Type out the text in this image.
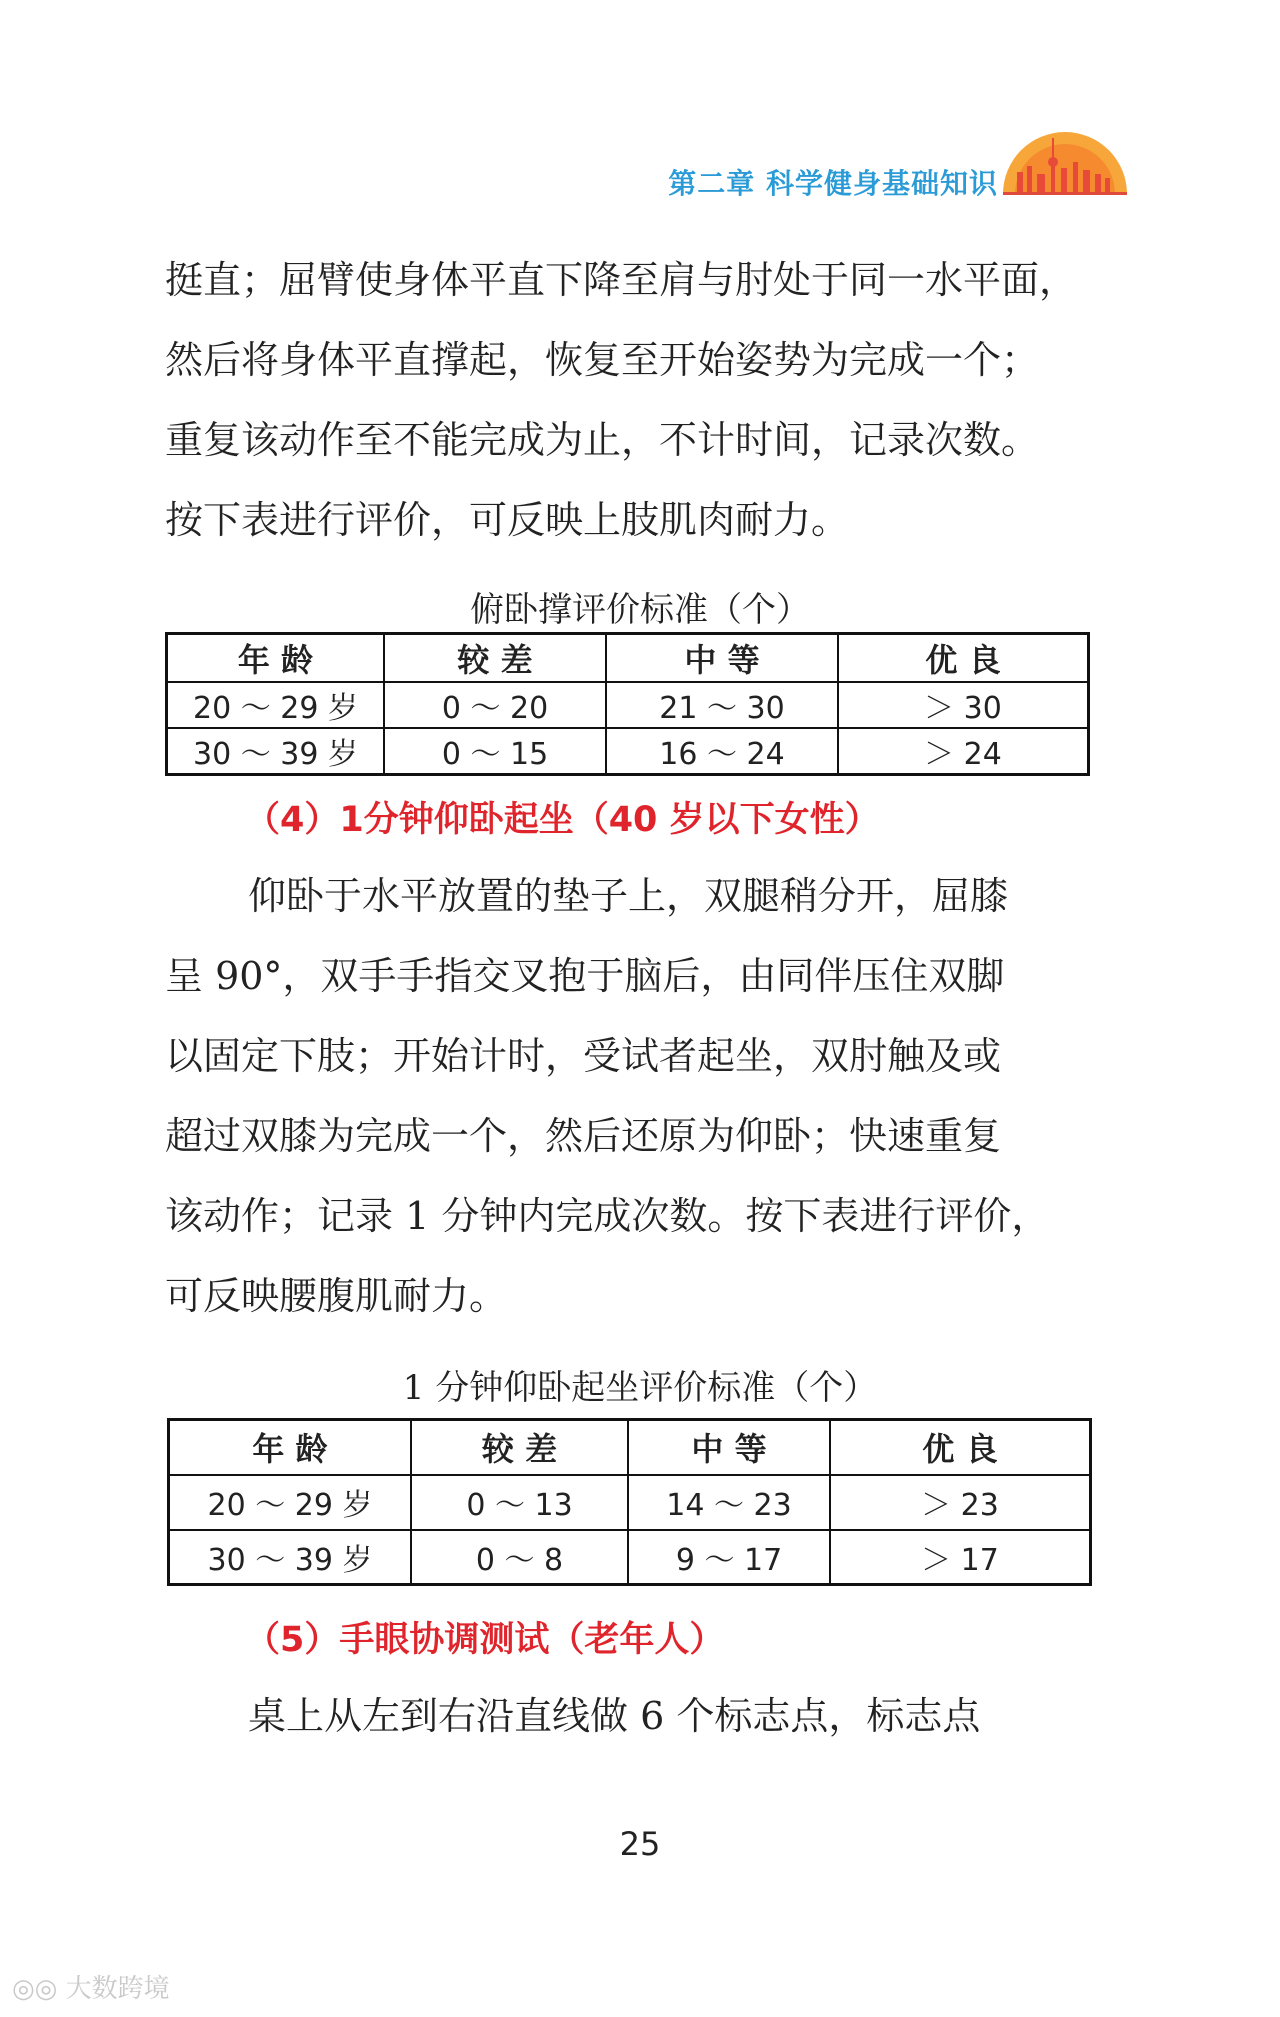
第二章 科学健身基础知识
挺直；屈臂使身体平直下降至肩与肘处于同一水平面，
然后将身体平直撑起，恢复至开始姿势为完成一个；
重复该动作至不能完成为止，不计时间，记录次数。
按下表进行评价，可反映上肢肌肉耐力。
俯卧撑评价标准（个）
年 龄	较 差	中 等	优 良
20 ～ 29 岁	0 ～ 20	21 ～ 30	＞ 30
30 ～ 39 岁	0 ～ 15	16 ～ 24	＞ 24
（4）1分钟仰卧起坐（40 岁以下女性）
仰卧于水平放置的垫子上，双腿稍分开，屈膝
呈 90°，双手手指交叉抱于脑后，由同伴压住双脚
以固定下肢；开始计时，受试者起坐，双肘触及或
超过双膝为完成一个，然后还原为仰卧；快速重复
该动作；记录 1 分钟内完成次数。按下表进行评价，
可反映腰腹肌耐力。
1 分钟仰卧起坐评价标准（个）
年 龄	较 差	中 等	优 良
20 ～ 29 岁	0 ～ 13	14 ～ 23	＞ 23
30 ～ 39 岁	0 ～ 8	9 ～ 17	＞ 17
（5）手眼协调测试（老年人）
桌上从左到右沿直线做 6 个标志点，标志点
25
◎◎ 大数跨境
